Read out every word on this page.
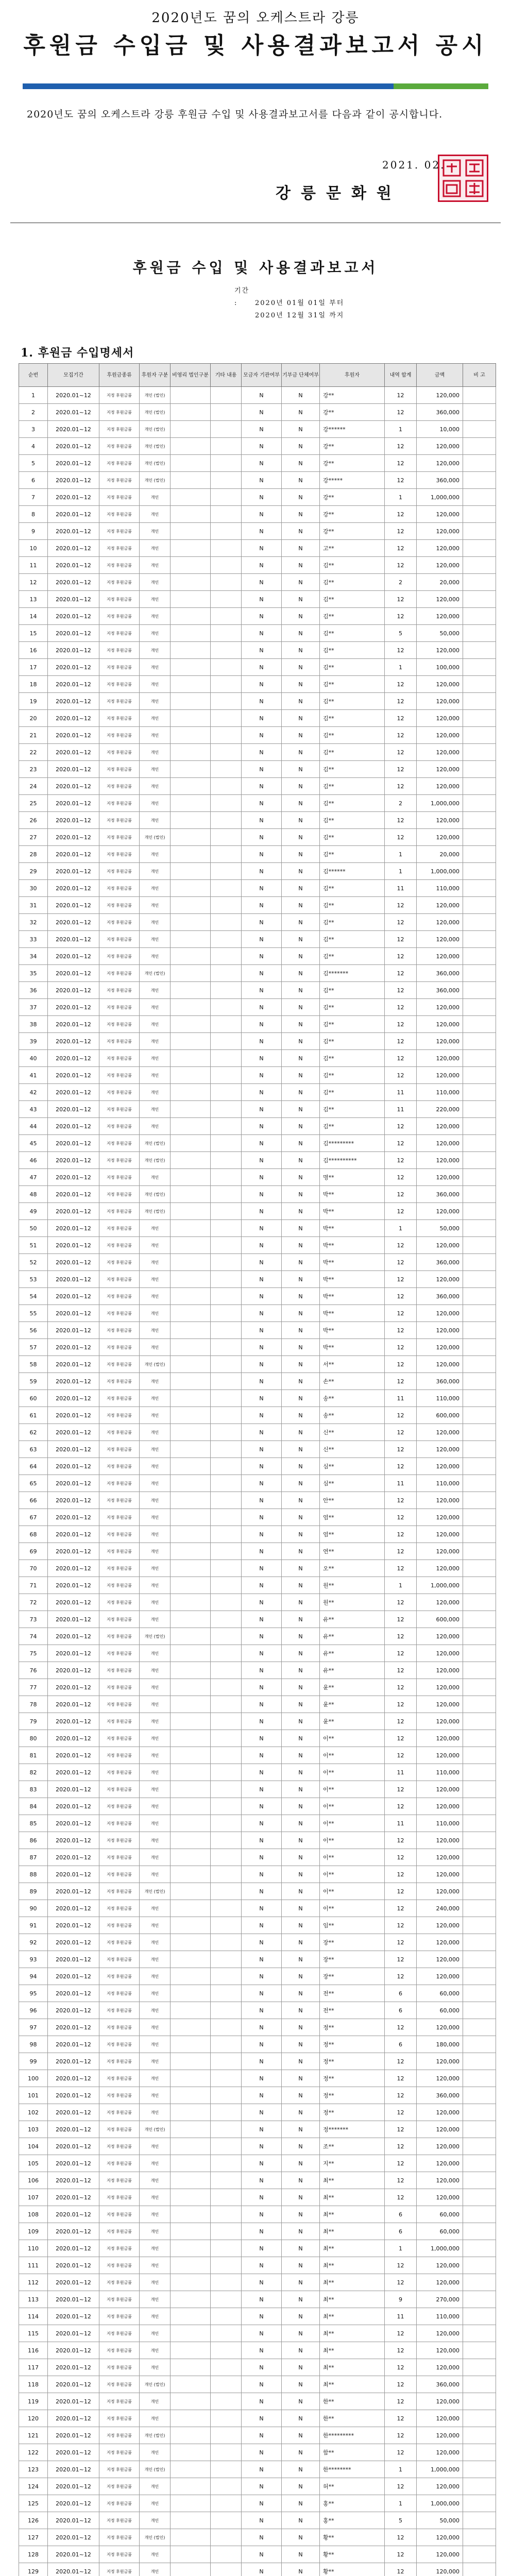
2020년도 꿈의 오케스트라 강릉
후원금 수입금 및 사용결과보고서 공시
2020년도 꿈의 오케스트라 강릉 후원금 수입 및 사용결과보고서를 다음과 같이 공시합니다.
2021. 02.
강릉문화원
후원금 수입 및 사용결과보고서
기간 :	2020년 01월 01일 부터
2020년 12월 31일 까지
1. 후원금 수입명세서
순번	모집기간	후원금종류	후원자 구분	비영리 법인구분	기타 내용	모금자 기관여부	기부금 단체여부	후원자	내역 합계	금액	비 고
1	2020.01~12	지정 후원금품	개인 (법인)			N	N	강**	12	120,000	
2	2020.01~12	지정 후원금품	개인 (법인)			N	N	강**	12	360,000	
3	2020.01~12	지정 후원금품	개인 (법인)			N	N	강******	1	10,000	
4	2020.01~12	지정 후원금품	개인 (법인)			N	N	강**	12	120,000	
5	2020.01~12	지정 후원금품	개인 (법인)			N	N	강**	12	120,000	
6	2020.01~12	지정 후원금품	개인 (법인)			N	N	강*****	12	360,000	
7	2020.01~12	지정 후원금품	개인			N	N	강**	1	1,000,000	
8	2020.01~12	지정 후원금품	개인			N	N	강**	12	120,000	
9	2020.01~12	지정 후원금품	개인			N	N	강**	12	120,000	
10	2020.01~12	지정 후원금품	개인			N	N	고**	12	120,000	
11	2020.01~12	지정 후원금품	개인			N	N	김**	12	120,000	
12	2020.01~12	지정 후원금품	개인			N	N	김**	2	20,000	
13	2020.01~12	지정 후원금품	개인			N	N	김**	12	120,000	
14	2020.01~12	지정 후원금품	개인			N	N	김**	12	120,000	
15	2020.01~12	지정 후원금품	개인			N	N	김**	5	50,000	
16	2020.01~12	지정 후원금품	개인			N	N	김**	12	120,000	
17	2020.01~12	지정 후원금품	개인			N	N	김**	1	100,000	
18	2020.01~12	지정 후원금품	개인			N	N	김**	12	120,000	
19	2020.01~12	지정 후원금품	개인			N	N	김**	12	120,000	
20	2020.01~12	지정 후원금품	개인			N	N	김**	12	120,000	
21	2020.01~12	지정 후원금품	개인			N	N	김**	12	120,000	
22	2020.01~12	지정 후원금품	개인			N	N	김**	12	120,000	
23	2020.01~12	지정 후원금품	개인			N	N	김**	12	120,000	
24	2020.01~12	지정 후원금품	개인			N	N	김**	12	120,000	
25	2020.01~12	지정 후원금품	개인			N	N	김**	2	1,000,000	
26	2020.01~12	지정 후원금품	개인			N	N	김**	12	120,000	
27	2020.01~12	지정 후원금품	개인 (법인)			N	N	김**	12	120,000	
28	2020.01~12	지정 후원금품	개인			N	N	김**	1	20,000	
29	2020.01~12	지정 후원금품	개인			N	N	김******	1	1,000,000	
30	2020.01~12	지정 후원금품	개인			N	N	김**	11	110,000	
31	2020.01~12	지정 후원금품	개인			N	N	김**	12	120,000	
32	2020.01~12	지정 후원금품	개인			N	N	김**	12	120,000	
33	2020.01~12	지정 후원금품	개인			N	N	김**	12	120,000	
34	2020.01~12	지정 후원금품	개인			N	N	김**	12	120,000	
35	2020.01~12	지정 후원금품	개인 (법인)			N	N	김*******	12	360,000	
36	2020.01~12	지정 후원금품	개인			N	N	김**	12	360,000	
37	2020.01~12	지정 후원금품	개인			N	N	김**	12	120,000	
38	2020.01~12	지정 후원금품	개인			N	N	김**	12	120,000	
39	2020.01~12	지정 후원금품	개인			N	N	김**	12	120,000	
40	2020.01~12	지정 후원금품	개인			N	N	김**	12	120,000	
41	2020.01~12	지정 후원금품	개인			N	N	김**	12	120,000	
42	2020.01~12	지정 후원금품	개인			N	N	김**	11	110,000	
43	2020.01~12	지정 후원금품	개인			N	N	김**	11	220,000	
44	2020.01~12	지정 후원금품	개인			N	N	김**	12	120,000	
45	2020.01~12	지정 후원금품	개인 (법인)			N	N	김*********	12	120,000	
46	2020.01~12	지정 후원금품	개인 (법인)			N	N	김**********	12	120,000	
47	2020.01~12	지정 후원금품	개인			N	N	명**	12	120,000	
48	2020.01~12	지정 후원금품	개인 (법인)			N	N	박**	12	360,000	
49	2020.01~12	지정 후원금품	개인 (법인)			N	N	박**	12	120,000	
50	2020.01~12	지정 후원금품	개인			N	N	박**	1	50,000	
51	2020.01~12	지정 후원금품	개인			N	N	박**	12	120,000	
52	2020.01~12	지정 후원금품	개인			N	N	박**	12	360,000	
53	2020.01~12	지정 후원금품	개인			N	N	박**	12	120,000	
54	2020.01~12	지정 후원금품	개인			N	N	박**	12	360,000	
55	2020.01~12	지정 후원금품	개인			N	N	박**	12	120,000	
56	2020.01~12	지정 후원금품	개인			N	N	박**	12	120,000	
57	2020.01~12	지정 후원금품	개인			N	N	박**	12	120,000	
58	2020.01~12	지정 후원금품	개인 (법인)			N	N	서**	12	120,000	
59	2020.01~12	지정 후원금품	개인			N	N	손**	12	360,000	
60	2020.01~12	지정 후원금품	개인			N	N	송**	11	110,000	
61	2020.01~12	지정 후원금품	개인			N	N	송**	12	600,000	
62	2020.01~12	지정 후원금품	개인			N	N	신**	12	120,000	
63	2020.01~12	지정 후원금품	개인			N	N	신**	12	120,000	
64	2020.01~12	지정 후원금품	개인			N	N	심**	12	120,000	
65	2020.01~12	지정 후원금품	개인			N	N	심**	11	110,000	
66	2020.01~12	지정 후원금품	개인			N	N	안**	12	120,000	
67	2020.01~12	지정 후원금품	개인			N	N	엄**	12	120,000	
68	2020.01~12	지정 후원금품	개인			N	N	엄**	12	120,000	
69	2020.01~12	지정 후원금품	개인			N	N	연**	12	120,000	
70	2020.01~12	지정 후원금품	개인			N	N	오**	12	120,000	
71	2020.01~12	지정 후원금품	개인			N	N	원**	1	1,000,000	
72	2020.01~12	지정 후원금품	개인			N	N	원**	12	120,000	
73	2020.01~12	지정 후원금품	개인			N	N	유**	12	600,000	
74	2020.01~12	지정 후원금품	개인 (법인)			N	N	유**	12	120,000	
75	2020.01~12	지정 후원금품	개인			N	N	유**	12	120,000	
76	2020.01~12	지정 후원금품	개인			N	N	유**	12	120,000	
77	2020.01~12	지정 후원금품	개인			N	N	윤**	12	120,000	
78	2020.01~12	지정 후원금품	개인			N	N	윤**	12	120,000	
79	2020.01~12	지정 후원금품	개인			N	N	윤**	12	120,000	
80	2020.01~12	지정 후원금품	개인			N	N	이**	12	120,000	
81	2020.01~12	지정 후원금품	개인			N	N	이**	12	120,000	
82	2020.01~12	지정 후원금품	개인			N	N	이**	11	110,000	
83	2020.01~12	지정 후원금품	개인			N	N	이**	12	120,000	
84	2020.01~12	지정 후원금품	개인			N	N	이**	12	120,000	
85	2020.01~12	지정 후원금품	개인			N	N	이**	11	110,000	
86	2020.01~12	지정 후원금품	개인			N	N	이**	12	120,000	
87	2020.01~12	지정 후원금품	개인			N	N	이**	12	120,000	
88	2020.01~12	지정 후원금품	개인			N	N	이**	12	120,000	
89	2020.01~12	지정 후원금품	개인 (법인)			N	N	이**	12	120,000	
90	2020.01~12	지정 후원금품	개인			N	N	이**	12	240,000	
91	2020.01~12	지정 후원금품	개인			N	N	임**	12	120,000	
92	2020.01~12	지정 후원금품	개인			N	N	장**	12	120,000	
93	2020.01~12	지정 후원금품	개인			N	N	장**	12	120,000	
94	2020.01~12	지정 후원금품	개인			N	N	장**	12	120,000	
95	2020.01~12	지정 후원금품	개인			N	N	전**	6	60,000	
96	2020.01~12	지정 후원금품	개인			N	N	전**	6	60,000	
97	2020.01~12	지정 후원금품	개인			N	N	정**	12	120,000	
98	2020.01~12	지정 후원금품	개인			N	N	정**	6	180,000	
99	2020.01~12	지정 후원금품	개인			N	N	정**	12	120,000	
100	2020.01~12	지정 후원금품	개인			N	N	정**	12	120,000	
101	2020.01~12	지정 후원금품	개인			N	N	정**	12	360,000	
102	2020.01~12	지정 후원금품	개인			N	N	정**	12	120,000	
103	2020.01~12	지정 후원금품	개인 (법인)			N	N	정*******	12	120,000	
104	2020.01~12	지정 후원금품	개인			N	N	조**	12	120,000	
105	2020.01~12	지정 후원금품	개인			N	N	지**	12	120,000	
106	2020.01~12	지정 후원금품	개인			N	N	최**	12	120,000	
107	2020.01~12	지정 후원금품	개인			N	N	최**	12	120,000	
108	2020.01~12	지정 후원금품	개인			N	N	최**	6	60,000	
109	2020.01~12	지정 후원금품	개인			N	N	최**	6	60,000	
110	2020.01~12	지정 후원금품	개인			N	N	최**	1	1,000,000	
111	2020.01~12	지정 후원금품	개인			N	N	최**	12	120,000	
112	2020.01~12	지정 후원금품	개인			N	N	최**	12	120,000	
113	2020.01~12	지정 후원금품	개인			N	N	최**	9	270,000	
114	2020.01~12	지정 후원금품	개인			N	N	최**	11	110,000	
115	2020.01~12	지정 후원금품	개인			N	N	최**	12	120,000	
116	2020.01~12	지정 후원금품	개인			N	N	최**	12	120,000	
117	2020.01~12	지정 후원금품	개인			N	N	최**	12	120,000	
118	2020.01~12	지정 후원금품	개인 (법인)			N	N	최**	12	360,000	
119	2020.01~12	지정 후원금품	개인			N	N	한**	12	120,000	
120	2020.01~12	지정 후원금품	개인			N	N	한**	12	120,000	
121	2020.01~12	지정 후원금품	개인 (법인)			N	N	한*********	12	120,000	
122	2020.01~12	지정 후원금품	개인			N	N	함**	12	120,000	
123	2020.01~12	지정 후원금품	개인 (법인)			N	N	한********	1	1,000,000	
124	2020.01~12	지정 후원금품	개인			N	N	허**	12	120,000	
125	2020.01~12	지정 후원금품	개인			N	N	홍**	1	1,000,000	
126	2020.01~12	지정 후원금품	개인			N	N	홍**	5	50,000	
127	2020.01~12	지정 후원금품	개인 (법인)			N	N	황**	12	120,000	
128	2020.01~12	지정 후원금품	개인			N	N	황**	12	120,000	
129	2020.01~12	지정 후원금품	개인			N	N	황**	12	120,000	
